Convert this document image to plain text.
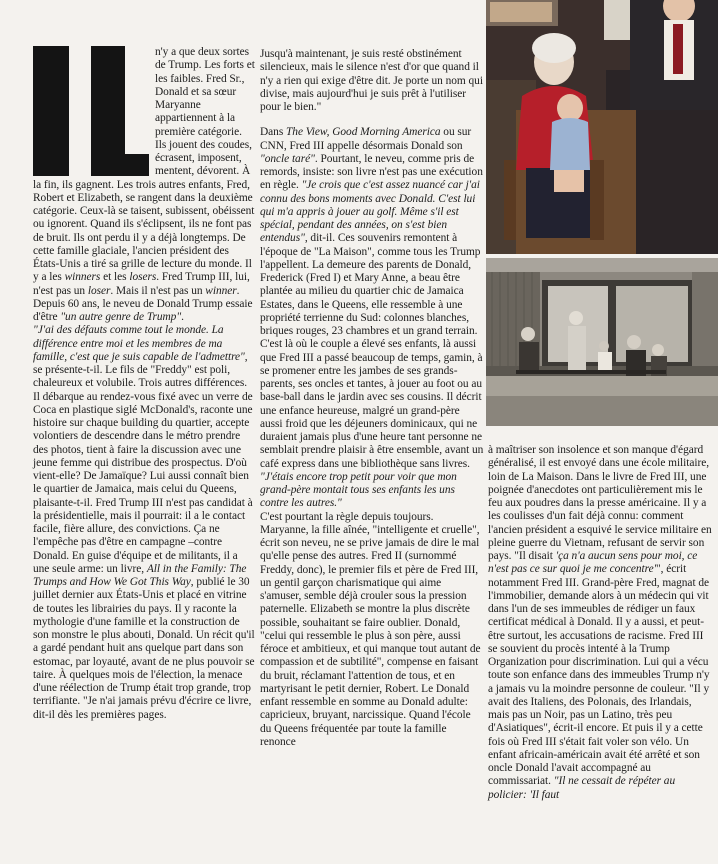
n'y a que deux sortes de Trump. Les forts et les faibles. Fred Sr., Donald et sa sœur Maryanne appartiennent à la première catégorie. Ils jouent des coudes, écrasent, imposent, mentent, dévorent. À la fin, ils gagnent. Les trois autres enfants, Fred, Robert et Elizabeth, se rangent dans la deuxième catégorie. Ceux-là se taisent, subissent, obéissent ou ignorent. Quand ils s'éclipsent, ils ne font pas de bruit. Ils ont perdu il y a déjà longtemps. De cette famille glaciale, l'ancien président des États-Unis a tiré sa grille de lecture du monde. Il y a les winners et les losers. Fred Trump III, lui, n'est pas un loser. Mais il n'est pas un winner. Depuis 60 ans, le neveu de Donald Trump essaie d'être "un autre genre de Trump".

"J'ai des défauts comme tout le monde. La différence entre moi et les membres de ma famille, c'est que je suis capable de l'admettre", se présente-t-il. Le fils de "Freddy" est poli, chaleureux et volubile. Trois autres différences. Il débarque au rendez-vous fixé avec un verre de Coca en plastique siglé McDonald's, raconte une histoire sur chaque building du quartier, accepte volontiers de descendre dans le métro prendre des photos, tient à faire la discussion avec une jeune femme qui distribue des prospectus. D'où vient-elle? De Jamaïque? Lui aussi connaît bien le quartier de Jamaica, mais celui du Queens, plaisante-t-il. Fred Trump III n'est pas candidat à la présidentielle, mais il pourrait: il a le contact facile, fière allure, des convictions. Ça ne l'empêche pas d'être en campagne –contre Donald. En guise d'équipe et de militants, il a une seule arme: un livre, All in the Family: The Trumps and How We Got This Way, publié le 30 juillet dernier aux États-Unis et placé en vitrine de toutes les librairies du pays. Il y raconte la mythologie d'une famille et la construction de son monstre le plus abouti, Donald. Un récit qu'il a gardé pendant huit ans quelque part dans son estomac, par loyauté, avant de ne plus pouvoir se taire. À quelques mois de l'élection, la menace d'une réélection de Trump était trop grande, trop terrifiante. "Je n'ai jamais prévu d'écrire ce livre, dit-il dès les premières pages.

Jusqu'à maintenant, je suis resté obstinément silencieux, mais le silence n'est d'or que quand il n'y a rien qui exige d'être dit. Je porte un nom qui divise, mais aujourd'hui je suis prêt à l'utiliser pour le bien."

Dans The View, Good Morning America ou sur CNN, Fred III appelle désormais Donald son "oncle taré". Pourtant, le neveu, comme pris de remords, insiste: son livre n'est pas une exécution en règle. "Je crois que c'est assez nuancé car j'ai connu des bons moments avec Donald. C'est lui qui m'a appris à jouer au golf. Même s'il est spécial, pendant des années, on s'est bien entendus", dit-il. Ces souvenirs remontent à l'époque de "La Maison", comme tous les Trump l'appellent. La demeure des parents de Donald, Frederick (Fred I) et Mary Anne, a beau être plantée au milieu du quartier chic de Jamaica Estates, dans le Queens, elle ressemble à une propriété terrienne du Sud: colonnes blanches, briques rouges, 23 chambres et un grand terrain. C'est là où le couple a élevé ses enfants, là aussi que Fred III a passé beaucoup de temps, gamin, à se promener entre les jambes de ses grands-parents, ses oncles et tantes, à jouer au foot ou au base-ball dans le jardin avec ses cousins. Il décrit une enfance heureuse, malgré un grand-père aussi froid que les déjeuners dominicaux, qui ne duraient jamais plus d'une heure tant personne ne semblait prendre plaisir à être ensemble, avant un café express dans une bibliothèque sans livres. "J'étais encore trop petit pour voir que mon grand-père montait tous ses enfants les uns contre les autres."

C'est pourtant la règle depuis toujours. Maryanne, la fille aînée, "intelligente et cruelle", écrit son neveu, ne se prive jamais de dire le mal qu'elle pense des autres. Fred II (surnommé Freddy, donc), le premier fils et père de Fred III, un gentil garçon charismatique qui aime s'amuser, semble déjà crouler sous la pression paternelle. Elizabeth se montre la plus discrète possible, souhaitant se faire oublier. Donald, "celui qui ressemble le plus à son père, aussi féroce et ambitieux, et qui manque tout autant de compassion et de subtilité", compense en faisant du bruit, réclamant l'attention de tous, et en martyrisant le petit dernier, Robert. Le Donald enfant ressemble en somme au Donald adulte: capricieux, bruyant, narcissique. Quand l'école du Queens fréquentée par toute la famille renonce

à maîtriser son insolence et son manque d'égard généralisé, il est envoyé dans une école militaire, loin de La Maison. Dans le livre de Fred III, une poignée d'anecdotes ont particulièrement mis le feu aux poudres dans la presse américaine. Il y a les coulisses d'un fait déjà connu: comment l'ancien président a esquivé le service militaire en pleine guerre du Vietnam, refusant de servir son pays. "Il disait 'ça n'a aucun sens pour moi, ce n'est pas ce sur quoi je me concentre'", écrit notamment Fred III. Grand-père Fred, magnat de l'immobilier, demande alors à un médecin qui vit dans l'un de ses immeubles de rédiger un faux certificat médical à Donald. Il y a aussi, et peut-être surtout, les accusations de racisme. Fred III se souvient du procès intenté à la Trump Organization pour discrimination. Lui qui a vécu toute son enfance dans des immeubles Trump n'y a jamais vu la moindre personne de couleur. "Il y avait des Italiens, des Polonais, des Irlandais, mais pas un Noir, pas un Latino, très peu d'Asiatiques", écrit-il encore. Et puis il y a cette fois où Fred III s'était fait voler son vélo. Un enfant africain-américain avait été arrêté et son oncle Donald l'avait accompagné au commissariat. "Il ne cessait de répéter au policier: 'Il faut
